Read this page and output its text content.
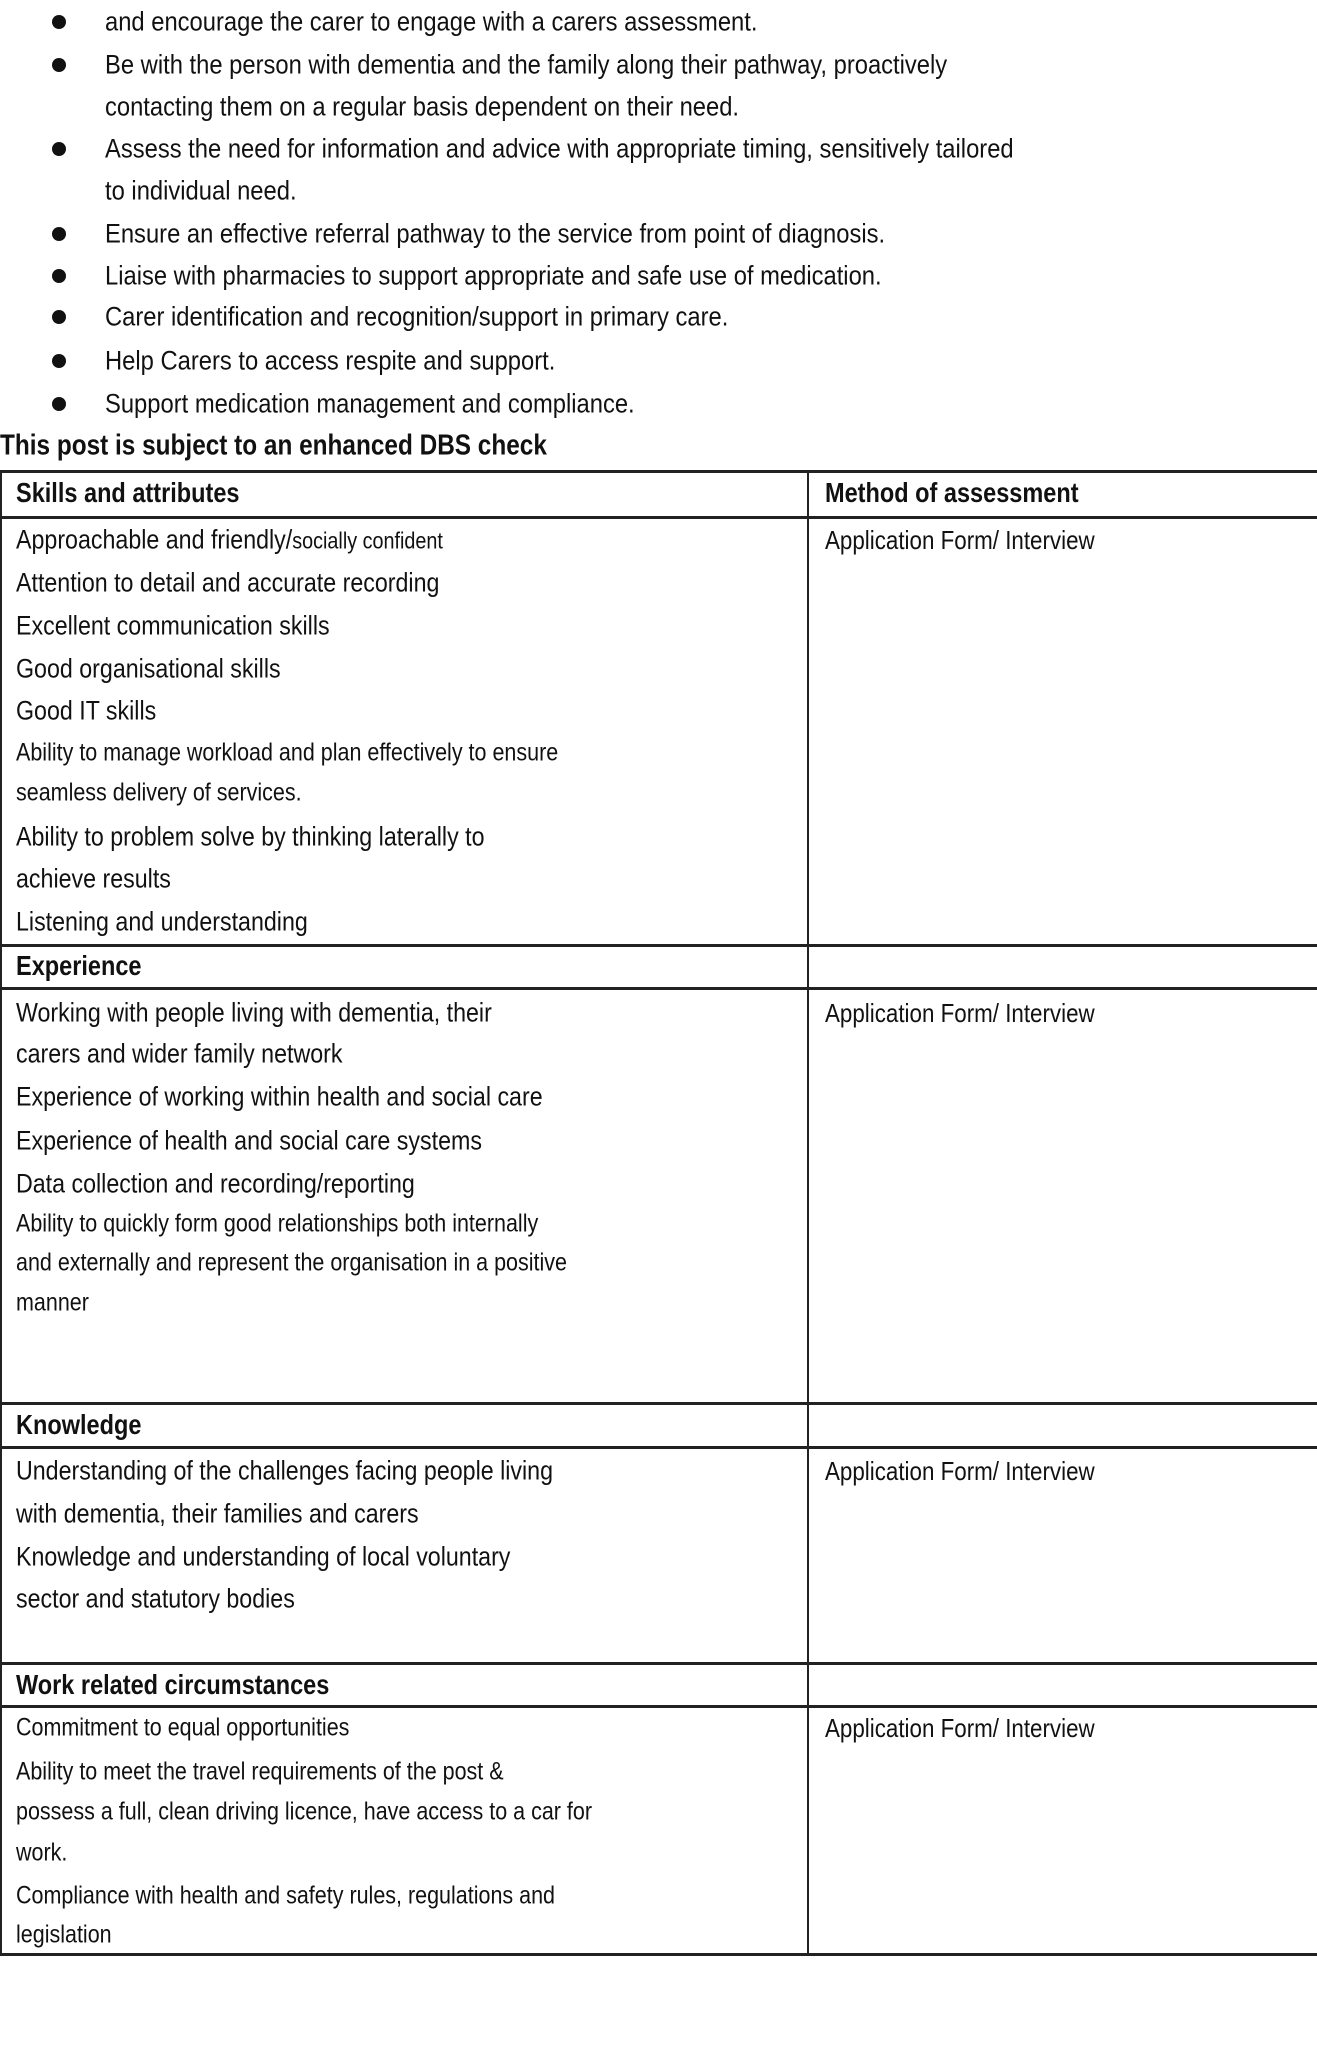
and encourage the carer to engage with a carers assessment.
Be with the person with dementia and the family along their pathway, proactively
contacting them on a regular basis dependent on their need.
Assess the need for information and advice with appropriate timing, sensitively tailored
to individual need.
Ensure an effective referral pathway to the service from point of diagnosis.
Liaise with pharmacies to support appropriate and safe use of medication.
Carer identification and recognition/support in primary care.
Help Carers to access respite and support.
Support medication management and compliance.
This post is subject to an enhanced DBS check
Skills and attributes	Method of assessment
Approachable and friendly/socially confident
Attention to detail and accurate recording
Excellent communication skills
Good organisational skills
Good IT skills
Ability to manage workload and plan effectively to ensure
seamless delivery of services.
Ability to problem solve by thinking laterally to
achieve results
Listening and understanding
Application Form/ Interview
Experience
Working with people living with dementia, their
carers and wider family network
Experience of working within health and social care
Experience of health and social care systems
Data collection and recording/reporting
Ability to quickly form good relationships both internally
and externally and represent the organisation in a positive
manner
Application Form/ Interview
Knowledge
Understanding of the challenges facing people living
with dementia, their families and carers
Knowledge and understanding of local voluntary
sector and statutory bodies
Application Form/ Interview
Work related circumstances
Commitment to equal opportunities
Ability to meet the travel requirements of the post &
possess a full, clean driving licence, have access to a car for
work.
Compliance with health and safety rules, regulations and
legislation
Application Form/ Interview
